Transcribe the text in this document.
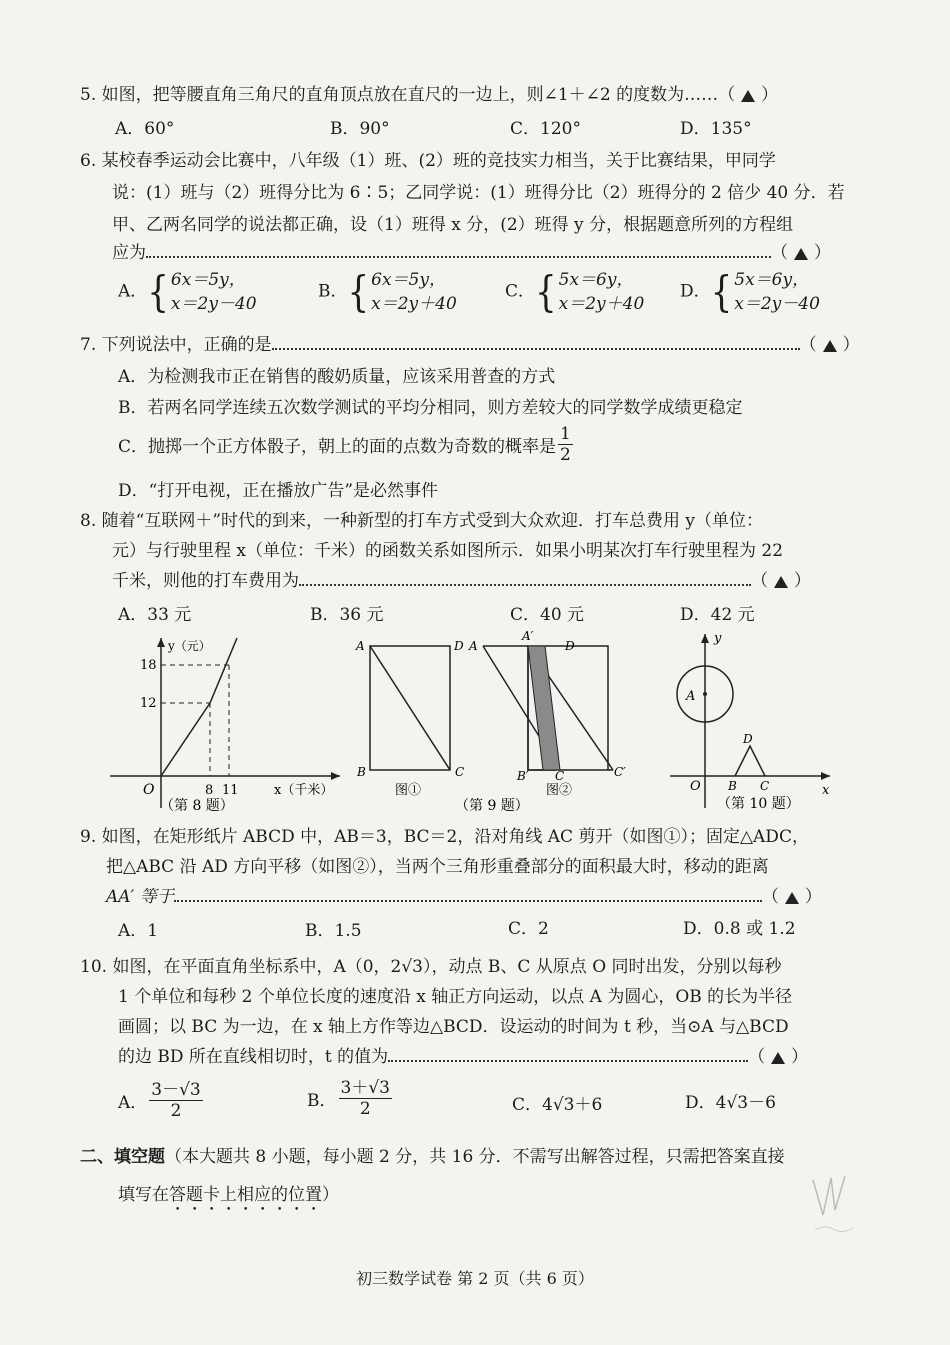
5. 如图，把等腰直角三角尺的直角顶点放在直尺的一边上，则∠1＋∠2 的度数为……（ ）
A．60°	B．90°	C．120°	D．135°
6. 某校春季运动会比赛中，八年级（1）班、(2）班的竞技实力相当，关于比赛结果，甲同学
说：(1）班与（2）班得分比为 6∶5；乙同学说：(1）班得分比（2）班得分的 2 倍少 40 分．若
甲、乙两名同学的说法都正确，设（1）班得 x 分，(2）班得 y 分，根据题意所列的方程组
应为	（ ）
A．{ 6x＝5y，
x＝2y－40
B．{ 6x＝5y，
x＝2y＋40
C．{ 5x＝6y，
x＝2y＋40
D．{ 5x＝6y，
x＝2y－40
7. 下列说法中，正确的是	（ ）
A．为检测我市正在销售的酸奶质量，应该采用普查的方式
B．若两名同学连续五次数学测试的平均分相同，则方差较大的同学数学成绩更稳定
C．抛掷一个正方体骰子，朝上的面的点数为奇数的概率是 $\frac{1}{2}$
D．“打开电视，正在播放广告”是必然事件
8. 随着“互联网＋”时代的到来，一种新型的打车方式受到大众欢迎．打车总费用 y（单位：
元）与行驶里程 x（单位：千米）的函数关系如图所示．如果小明某次打车行驶里程为 22
千米，则他的打车费用为	（ ）
A．33 元	B．36 元	C．40 元	D．42 元
y（元）
18
12
O	8 11	x（千米）
（第 8 题）
A	D
B	C
图①
A
A′
D
B′ C	C′
图②
（第 9 题）
y
A
D
B C
O	x
（第 10 题）
9. 如图，在矩形纸片 ABCD 中，AB＝3，BC＝2，沿对角线 AC 剪开（如图①）；固定△ADC，
把△ABC 沿 AD 方向平移（如图②），当两个三角形重叠部分的面积最大时，移动的距离
AA′ 等于	（ ）
A．1	B．1.5	C．2	D．0.8 或 1.2
10. 如图，在平面直角坐标系中，A（0，2√3），动点 B、C 从原点 O 同时出发，分别以每秒
1 个单位和每秒 2 个单位长度的速度沿 x 轴正方向运动，以点 A 为圆心，OB 的长为半径
画圆；以 BC 为一边，在 x 轴上方作等边△BCD．设运动的时间为 t 秒，当⊙A 与△BCD
的边 BD 所在直线相切时，t 的值为	（ ）
A． $\frac{3-√3}{2}$	B． $\frac{3+√3}{2}$	C．4√3＋6	D．4√3－6
二、填空题（本大题共 8 小题，每小题 2 分，共 16 分．不需写出解答过程，只需把答案直接
填写在答题卡上相应的位置）
初三数学试卷 第 2 页（共 6 页）
